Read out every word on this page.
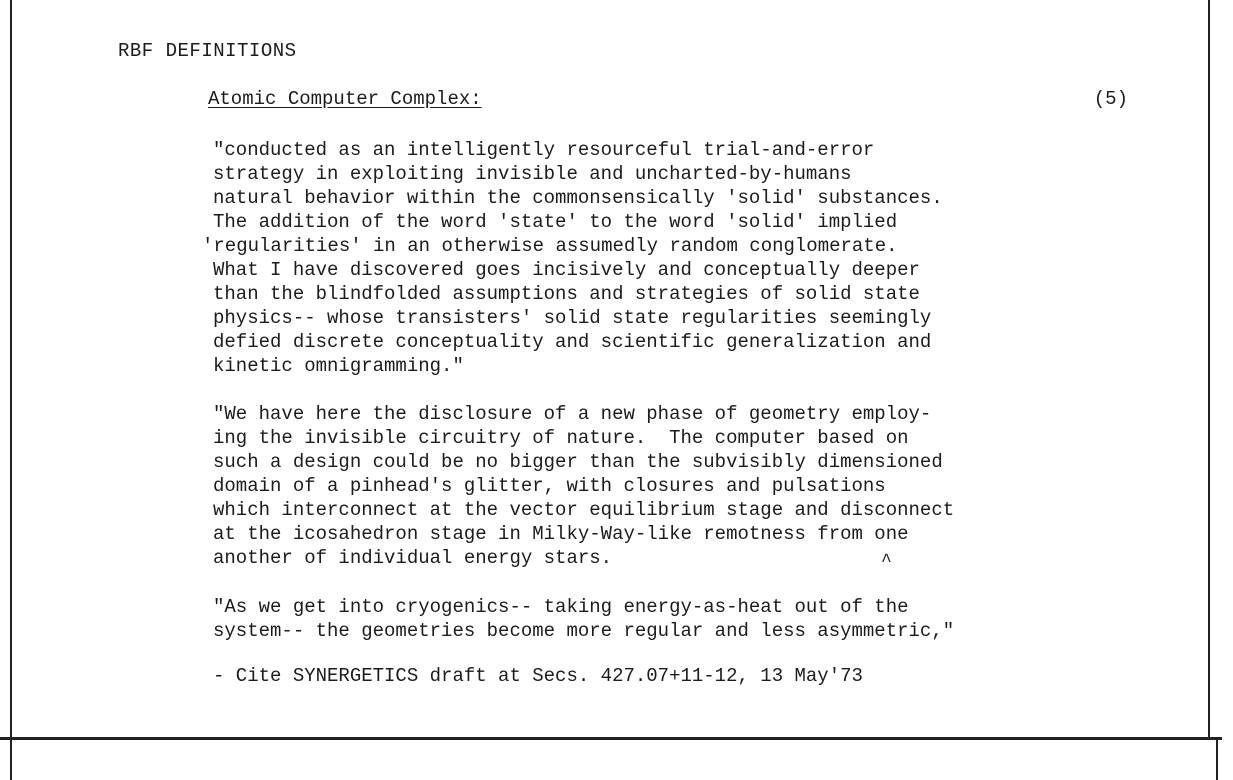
RBF DEFINITIONS
Atomic Computer Complex:	(5)
"conducted as an intelligently resourceful trial-and-error
strategy in exploiting invisible and uncharted-by-humans
natural behavior within the commonsensically 'solid' substances.
The addition of the word 'state' to the word 'solid' implied
'regularities' in an otherwise assumedly random conglomerate.
What I have discovered goes incisively and conceptually deeper
than the blindfolded assumptions and strategies of solid state
physics-- whose transisters' solid state regularities seemingly
defied discrete conceptuality and scientific generalization and
kinetic omnigramming."
"We have here the disclosure of a new phase of geometry employ-
ing the invisible circuitry of nature.  The computer based on
such a design could be no bigger than the subvisibly dimensioned
domain of a pinhead's glitter, with closures and pulsations
which interconnect at the vector equilibrium stage and disconnect
at the icosahedron stage in Milky-Way-like remotness from one
another of individual energy stars.	^
"As we get into cryogenics-- taking energy-as-heat out of the
system-- the geometries become more regular and less asymmetric,"
- Cite SYNERGETICS draft at Secs. 427.07+11-12, 13 May'73
